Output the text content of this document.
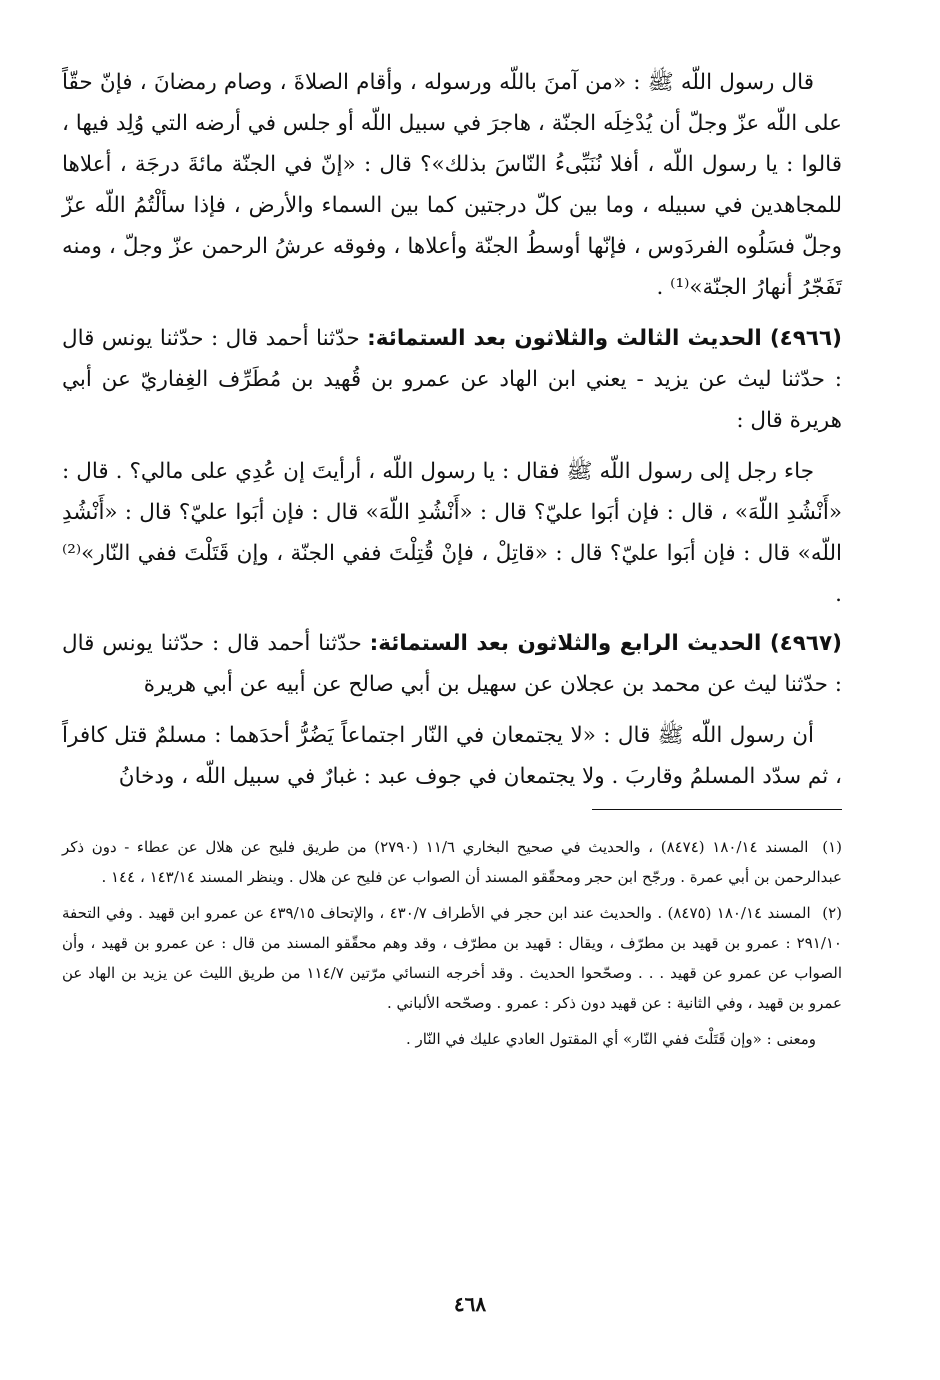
قال رسول اللّه ﷺ : «من آمنَ باللّه ورسوله ، وأقام الصلاةَ ، وصام رمضانَ ، فإنّ حقّاً على اللّه عزّ وجلّ أن يُدْخِلَه الجنّة ، هاجرَ في سبيل اللّه أو جلس في أرضه التي وُلِد فيها ، قالوا : يا رسول اللّه ، أفلا نُنَبِّىءُ النّاسَ بذلك»؟ قال : «إنّ في الجنّة مائةَ درجَة ، أعلاها للمجاهدين في سبيله ، وما بين كلّ درجتين كما بين السماء والأرض ، فإذا سألْتُمُ اللّه عزّ وجلّ فسَلُوه الفردَوس ، فإنّها أوسطُ الجنّة وأعلاها ، وفوقه عرشُ الرحمن عزّ وجلّ ، ومنه تَفَجّرُ أنهارُ الجنّة»⁽¹⁾ .

(٤٩٦٦) الحديث الثالث والثلاثون بعد الستمائة: حدّثنا أحمد قال : حدّثنا يونس قال : حدّثنا ليث عن يزيد - يعني ابن الهاد عن عمرو بن قُهيد بن مُطَرِّف الغِفاريّ عن أبي هريرة قال :

جاء رجل إلى رسول اللّه ﷺ فقال : يا رسول اللّه ، أرأيتَ إن عُدِي على مالي؟ . قال : «أَنْشُدِ اللّهَ» ، قال : فإن أبَوا عليّ؟ قال : «أَنْشُدِ اللّهَ» قال : فإن أبَوا عليّ؟ قال : «أَنْشُدِ اللّه» قال : فإن أبَوا عليّ؟ قال : «قاتِلْ ، فإنْ قُتِلْتَ ففي الجنّة ، وإن قَتَلْتَ ففي النّار»⁽²⁾ .

(٤٩٦٧) الحديث الرابع والثلاثون بعد الستمائة: حدّثنا أحمد قال : حدّثنا يونس قال : حدّثنا ليث عن محمد بن عجلان عن سهيل بن أبي صالح عن أبيه عن أبي هريرة

أن رسول اللّه ﷺ قال : «لا يجتمعان في النّار اجتماعاً يَضُرُّ أحدَهما : مسلمٌ قتل كافراً ، ثم سدّد المسلمُ وقاربَ . ولا يجتمعان في جوف عبد : غبارٌ في سبيل اللّه ، ودخانُ

(١) المسند ١٨٠/١٤ (٨٤٧٤) ، والحديث في صحيح البخاري ١١/٦ (٢٧٩٠) من طريق فليح عن هلال عن عطاء - دون ذكر عبدالرحمن بن أبي عمرة . ورجّح ابن حجر ومحقّقو المسند أن الصواب عن فليح عن هلال . وينظر المسند ١٤٣/١٤ ، ١٤٤ .

(٢) المسند ١٨٠/١٤ (٨٤٧٥) . والحديث عند ابن حجر في الأطراف ٤٣٠/٧ ، والإتحاف ٤٣٩/١٥ عن عمرو ابن قهيد . وفي التحفة ٢٩١/١٠ : عمرو بن قهيد بن مطرّف ، ويقال : قهيد بن مطرّف ، وقد وهم محقّقو المسند من قال : عن عمرو بن قهيد ، وأن الصواب عن عمرو عن قهيد . . . وصحّحوا الحديث . وقد أخرجه النسائي مرّتين ١١٤/٧ من طريق الليث عن يزيد بن الهاد عن عمرو بن قهيد ، وفي الثانية : عن قهيد دون ذكر : عمرو . وصحّحه الألباني .

ومعنى : «وإن قَتَلْتَ ففي النّار» أي المقتول العادي عليك في النّار .

٤٦٨
